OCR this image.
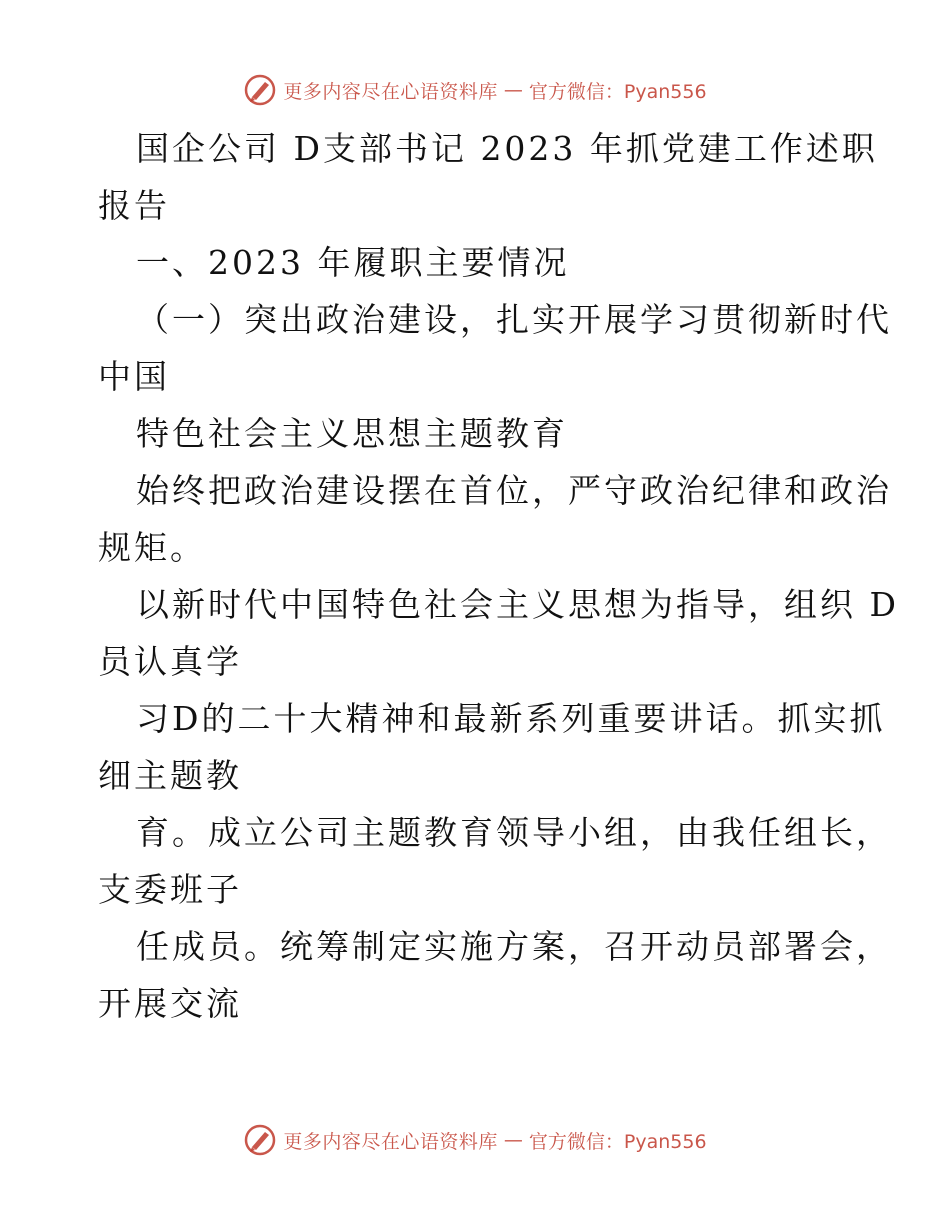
更多内容尽在心语资料库 — 官方微信：Pyan556
国企公司 D支部书记 2023 年抓党建工作述职
报告
一、2023 年履职主要情况
（一）突出政治建设，扎实开展学习贯彻新时代
中国
特色社会主义思想主题教育
始终把政治建设摆在首位，严守政治纪律和政治
规矩。
以新时代中国特色社会主义思想为指导，组织 D
员认真学
习D的二十大精神和最新系列重要讲话。抓实抓
细主题教
育。成立公司主题教育领导小组，由我任组长，
支委班子
任成员。统筹制定实施方案，召开动员部署会，
开展交流
更多内容尽在心语资料库 — 官方微信：Pyan556
